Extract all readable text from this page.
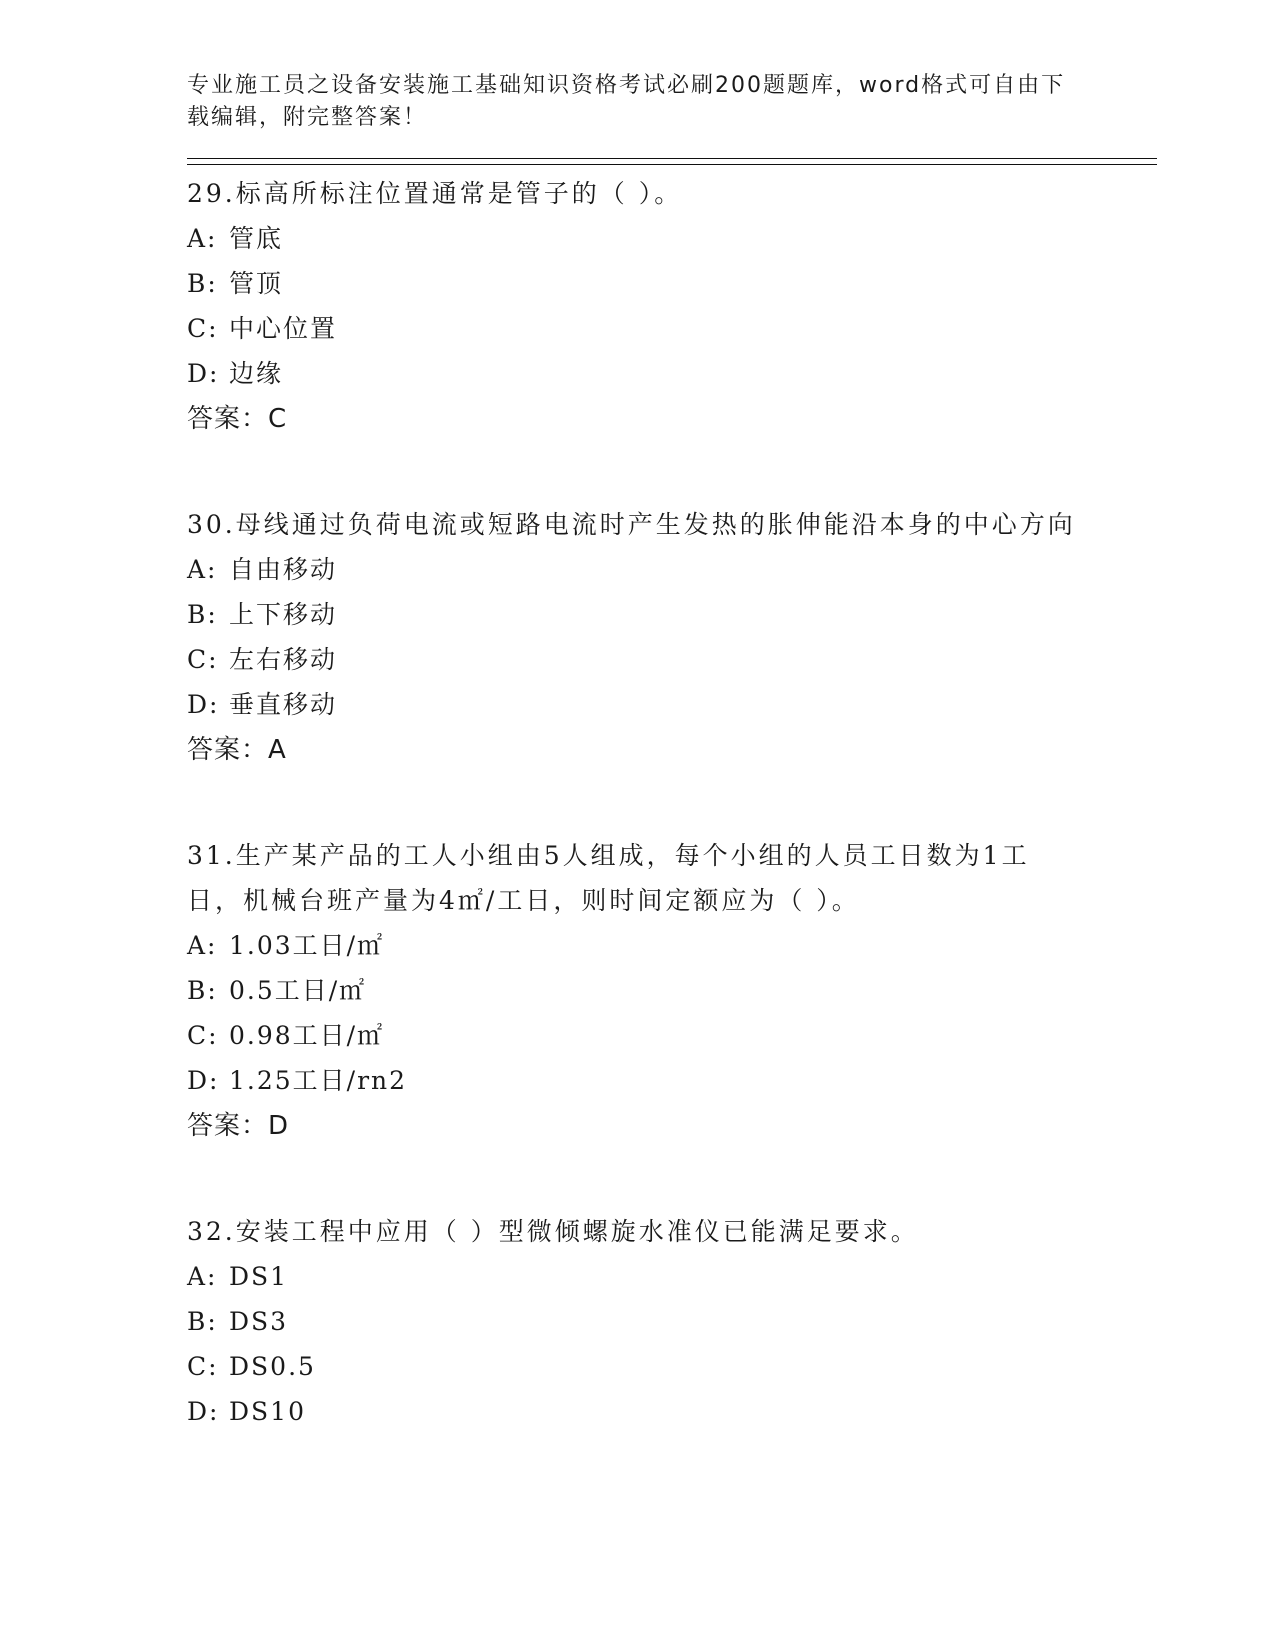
专业施工员之设备安装施工基础知识资格考试必刷200题题库，word格式可自由下载编辑，附完整答案！

29.标高所标注位置通常是管子的（ ）。

A: 管底

B: 管顶

C: 中心位置

D: 边缘

答案：C

30.母线通过负荷电流或短路电流时产生发热的胀伸能沿本身的中心方向

A: 自由移动

B: 上下移动

C: 左右移动

D: 垂直移动

答案：A

31.生产某产品的工人小组由5人组成，每个小组的人员工日数为1工日，机械台班产量为4㎡/工日，则时间定额应为（ ）。

A: 1.03工日/㎡

B: 0.5工日/㎡

C: 0.98工日/㎡

D: 1.25工日/rn2

答案：D

32.安装工程中应用（ ）型微倾螺旋水准仪已能满足要求。

A: DS1

B: DS3

C: DS0.5

D: DS10
